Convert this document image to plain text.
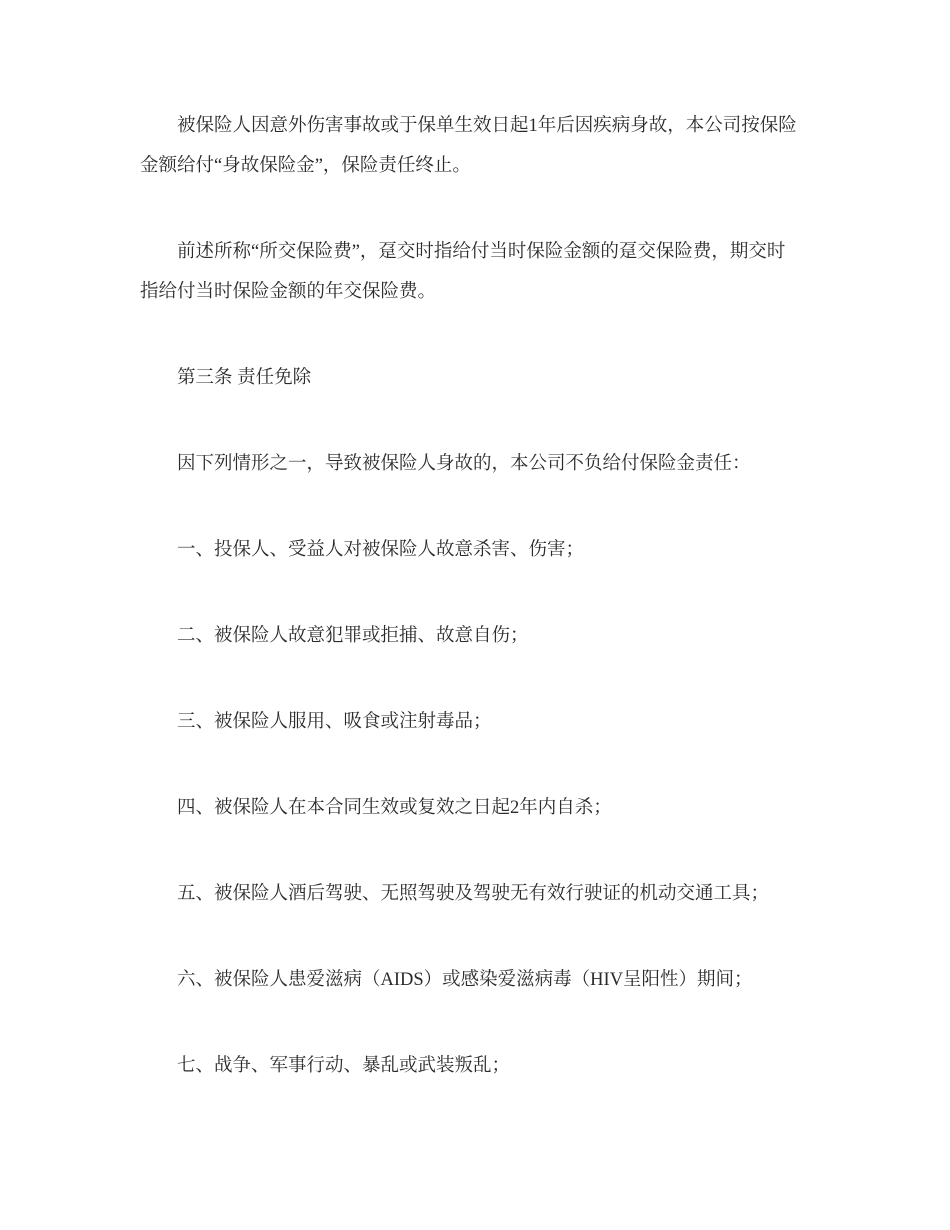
被保险人因意外伤害事故或于保单生效日起1年后因疾病身故，本公司按保险
金额给付“身故保险金”，保险责任终止。
前述所称“所交保险费”，趸交时指给付当时保险金额的趸交保险费，期交时
指给付当时保险金额的年交保险费。
第三条 责任免除
因下列情形之一，导致被保险人身故的，本公司不负给付保险金责任：
一、投保人、受益人对被保险人故意杀害、伤害；
二、被保险人故意犯罪或拒捕、故意自伤；
三、被保险人服用、吸食或注射毒品；
四、被保险人在本合同生效或复效之日起2年内自杀；
五、被保险人酒后驾驶、无照驾驶及驾驶无有效行驶证的机动交通工具；
六、被保险人患爱滋病（AIDS）或感染爱滋病毒（HIV呈阳性）期间；
七、战争、军事行动、暴乱或武装叛乱；
